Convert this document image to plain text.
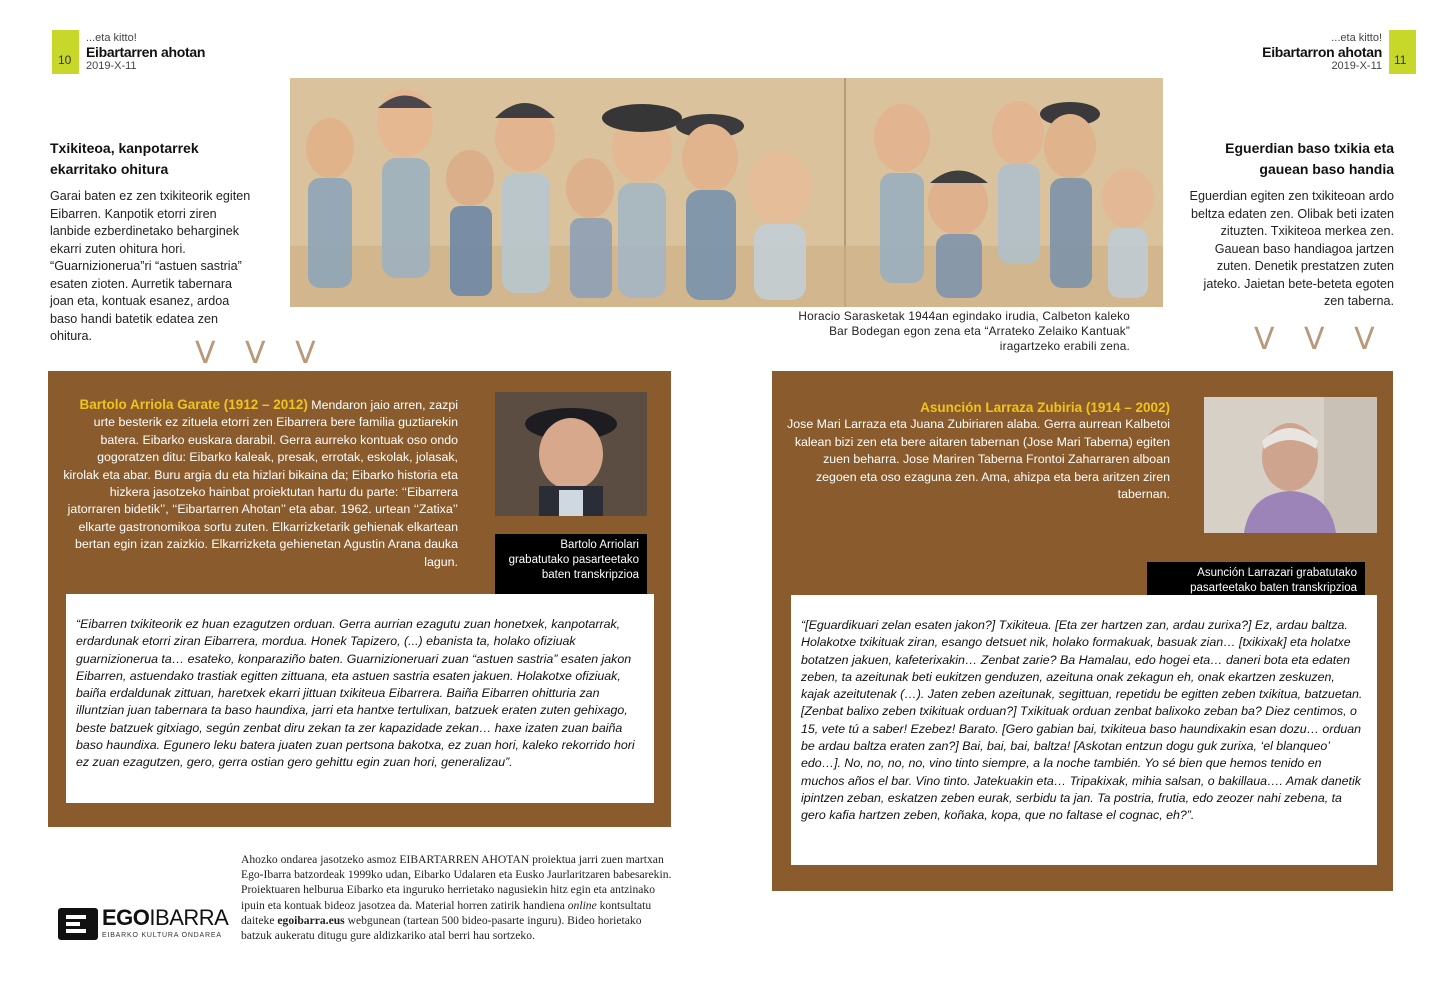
10
...eta kitto!
Eibartarren ahotan
2019-X-11
...eta kitto!
Eibartarron ahotan
2019-X-11 11
Txikiteoa, kanpotarrek ekarritako ohitura
Garai baten ez zen txikiteorik egiten Eibarren. Kanpotik etorri ziren lanbide ezberdinetako beharginek ekarri zuten ohitura hori. “Guarnizionerua”ri “astuen sastria” esaten zioten. Aurretik tabernara joan eta, kontuak esanez, ardoa baso handi batetik edatea zen ohitura.	V V V
Eguerdian baso txikia eta gauean baso handia
Eguerdian egiten zen txikiteoan ardo beltza edaten zen. Olibak beti izaten zituzten. Txikiteoa merkea zen. Gauean baso handiagoa jartzen zuten. Denetik prestatzen zuten jateko. Jaietan bete-beteta egoten zen taberna.
V V V
Horacio Sarasketak 1944an egindako irudia, Calbeton kaleko Bar Bodegan egon zena eta “Arrateko Zelaiko Kantuak” iragartzeko erabili zena.
Bartolo Arriola Garate (1912 – 2012) Mendaron jaio arren, zazpi urte besterik ez zituela etorri zen Eibarrera bere familia guztiarekin batera. Eibarko euskara darabil. Gerra aurreko kontuak oso ondo gogoratzen ditu: Eibarko kaleak, presak, errotak, eskolak, jolasak, kirolak eta abar. Buru argia du eta hizlari bikaina da; Eibarko historia eta hizkera jasotzeko hainbat proiektutan hartu du parte: ‘‘Eibarrera jatorraren bidetik’’, ‘‘Eibartarren Ahotan’’ eta abar. 1962. urtean ‘‘Zatixa’’ elkarte gastronomikoa sortu zuten. Elkarrizketarik gehienak elkartean bertan egin izan zaizkio. Elkarrizketa gehienetan Agustin Arana dauka lagun.
Bartolo Arriolari grabatutako pasarteetako baten transkripzioa
“Eibarren txikiteorik ez huan ezagutzen orduan. Gerra aurrian ezagutu zuan honetxek, kanpotarrak, erdardunak etorri ziran Eibarrera, mordua. Honek Tapizero, (...) ebanista ta, holako ofiziuak guarnizionerua ta… esateko, konparaziño baten. Guarnizioneruari zuan “astuen sastria” esaten jakon Eibarren, astuendako trastiak egitten zittuana, eta astuen sastria esaten jakuen. Holakotxe ofiziuak, baiña erdaldunak zittuan, haretxek ekarri jittuan txikiteua Eibarrera. Baiña Eibarren ohitturia zan illuntzian juan tabernara ta baso haundixa, jarri eta hantxe tertulixan, batzuek eraten zuten gehixago, beste batzuek gitxiago, según zenbat diru zekan ta zer kapazidade zekan… haxe izaten zuan baiña baso haundixa. Egunero leku batera juaten zuan pertsona bakotxa, ez zuan hori, kaleko rekorrido hori ez zuan ezagutzen, gero, gerra ostian gero gehittu egin zuan hori, generalizau”.
Asunción Larraza Zubiria (1914 – 2002)
Jose Mari Larraza eta Juana Zubiriaren alaba. Gerra aurrean Kalbetoi kalean bizi zen eta bere aitaren tabernan (Jose Mari Taberna) egiten zuen beharra. Jose Mariren Taberna Frontoi Zaharraren alboan zegoen eta oso ezaguna zen. Ama, ahizpa eta bera aritzen ziren tabernan.
Asunción Larrazari grabatutako pasarteetako baten transkripzioa
“[Eguardikuari zelan esaten jakon?] Txikiteua. [Eta zer hartzen zan, ardau zurixa?] Ez, ardau baltza. Holakotxe txikituak ziran, esango detsuet nik, holako formakuak, basuak zian… [txikixak] eta holatxe botatzen jakuen, kafeterixakin… Zenbat zarie? Ba Hamalau, edo hogei eta… daneri bota eta edaten zeben, ta azeitunak beti eukitzen genduzen, azeituna onak zekagun eh, onak ekartzen zeskuzen, kajak azeitutenak (…). Jaten zeben azeitunak, segittuan, repetidu be egitten zeben txikitua, batzuetan. [Zenbat balixo zeben txikituak orduan?] Txikituak orduan zenbat balixoko zeban ba? Diez centimos, o 15, vete tú a saber! Ezebez! Barato. [Gero gabian bai, txikiteua baso haundixakin esan dozu… orduan be ardau baltza eraten zan?] Bai, bai, bai, baltza! [Askotan entzun dogu guk zurixa, ‘el blanqueo’ edo…]. No, no, no, no, vino tinto siempre, a la noche también. Yo sé bien que hemos tenido en muchos años el bar. Vino tinto. Jatekuakin eta… Tripakixak, mihia salsan, o bakillaua…. Amak danetik ipintzen zeban, eskatzen zeben eurak, serbidu ta jan. Ta postria, frutia, edo zeozer nahi zebena, ta gero kafia hartzen zeben, koñaka, kopa, que no faltase el cognac, eh?”.
EGOIBARRA
EIBARKO KULTURA ONDAREA
Ahozko ondarea jasotzeko asmoz EIBARTARREN AHOTAN proiektua jarri zuen martxan Ego-Ibarra batzordeak 1999ko udan, Eibarko Udalaren eta Eusko Jaurlaritzaren babesarekin. Proiektuaren helburua Eibarko eta inguruko herrietako nagusiekin hitz egin eta antzinako ipuin eta kontuak bideoz jasotzea da. Material horren zatirik handiena online kontsultatu daiteke egoibarra.eus webgunean (tartean 500 bideo-pasarte inguru). Bideo horietako batzuk aukeratu ditugu gure aldizkariko atal berri hau sortzeko.
